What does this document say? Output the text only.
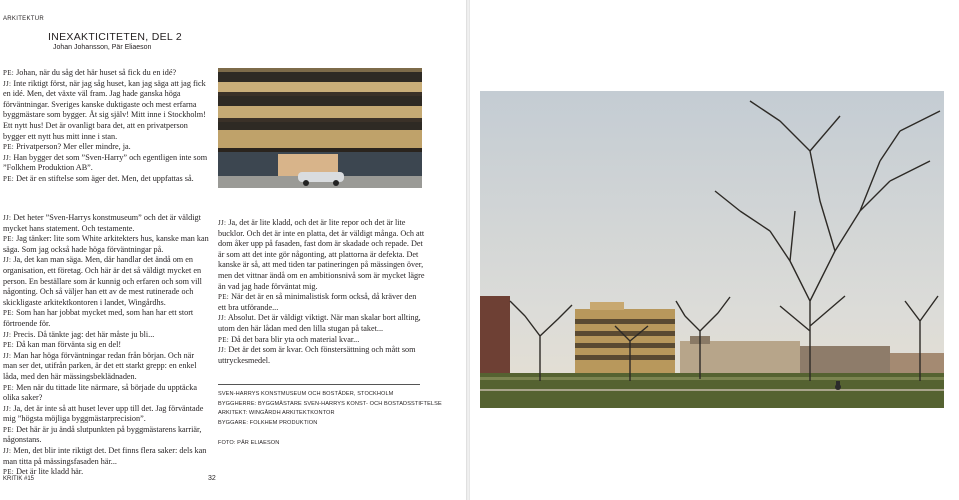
ARKITEKTUR
INEXAKTICITETEN, DEL 2
Johan Johansson, Pär Eliaeson

PE: Johan, när du såg det här huset så fick du en idé?

JJ: Inte riktigt först, när jag såg huset, kan jag säga att jag fick en idé. Men, det växte väl fram. Jag hade ganska höga förväntningar. Sveriges kanske duktigaste och mest erfarna byggmästare som bygger. Åt sig själv! Mitt inne i Stockholm! Ett nytt hus! Det är ovanligt bara det, att en privatperson bygger ett nytt hus mitt inne i stan.

PE: Privatperson? Mer eller mindre, ja.

JJ: Han bygger det som ”Sven-Harry” och egentligen inte som ”Folkhem Produktion AB”.

PE: Det är en stiftelse som äger det. Men, det uppfattas så.

JJ: Det heter ”Sven-Harrys konstmuseum” och det är väldigt mycket hans statement. Och testamente.

PE: Jag tänker: lite som White arkitekters hus, kanske man kan säga. Som jag också hade höga förväntningar på.

JJ: Ja, det kan man säga. Men, där handlar det ändå om en organisation, ett företag. Och här är det så väldigt mycket en person. En beställare som är kunnig och erfaren och som vill någonting. Och så väljer han ett av de mest rutinerade och skickligaste arkitektkontoren i landet, Wingårdhs.

PE: Som han har jobbat mycket med, som han har ett stort förtroende för.

JJ: Precis. Då tänkte jag: det här måste ju bli...

PE: Då kan man förvänta sig en del!

JJ: Man har höga förväntningar redan från början. Och när man ser det, utifrån parken, är det ett starkt grepp: en enkel låda, med den här mässingsbeklädnaden.

PE: Men när du tittade lite närmare, så började du upptäcka olika saker?

JJ: Ja, det är inte så att huset lever upp till det. Jag förväntade mig ”högsta möjliga byggmästarprecision”.

PE: Det här är ju ändå slutpunkten på byggmästarens karriär, någonstans.

JJ: Men, det blir inte riktigt det. Det finns flera saker: dels kan man titta på mässingsfasaden här...

PE: Det är lite kladd här.

JJ: Ja, det är lite kladd, och det är lite repor och det är lite bucklor. Och det är inte en platta, det är väldigt många. Och att dom åker upp på fasaden, fast dom är skadade och repade. Det är som att det inte gör någonting, att plattorna är defekta. Det kanske är så, att med tiden tar patineringen på mässingen över, men det vittnar ändå om en ambitionsnivå som är mycket lägre än vad jag hade förväntat mig.

PE: När det är en så minimalistisk form också, då kräver den ett bra utförande...

JJ: Absolut. Det är väldigt viktigt. När man skalar bort allting, utom den här lådan med den lilla stugan på taket...

PE: Då det bara blir yta och material kvar...

JJ: Det är det som är kvar. Och fönstersättning och mått som uttryckesmedel.

SVEN-HARRYS KONSTMUSEUM OCH BOSTÄDER, STOCKHOLM
BYGGHERRE: BYGGMÄSTARE SVEN-HARRYS KONST- OCH BOSTADSSTIFTELSE
ARKITEKT: WINGÅRDH ARKITEKTKONTOR
BYGGARE: FOLKHEM PRODUKTION

FOTO: PÄR ELIAESON
KRITIK #15	32
